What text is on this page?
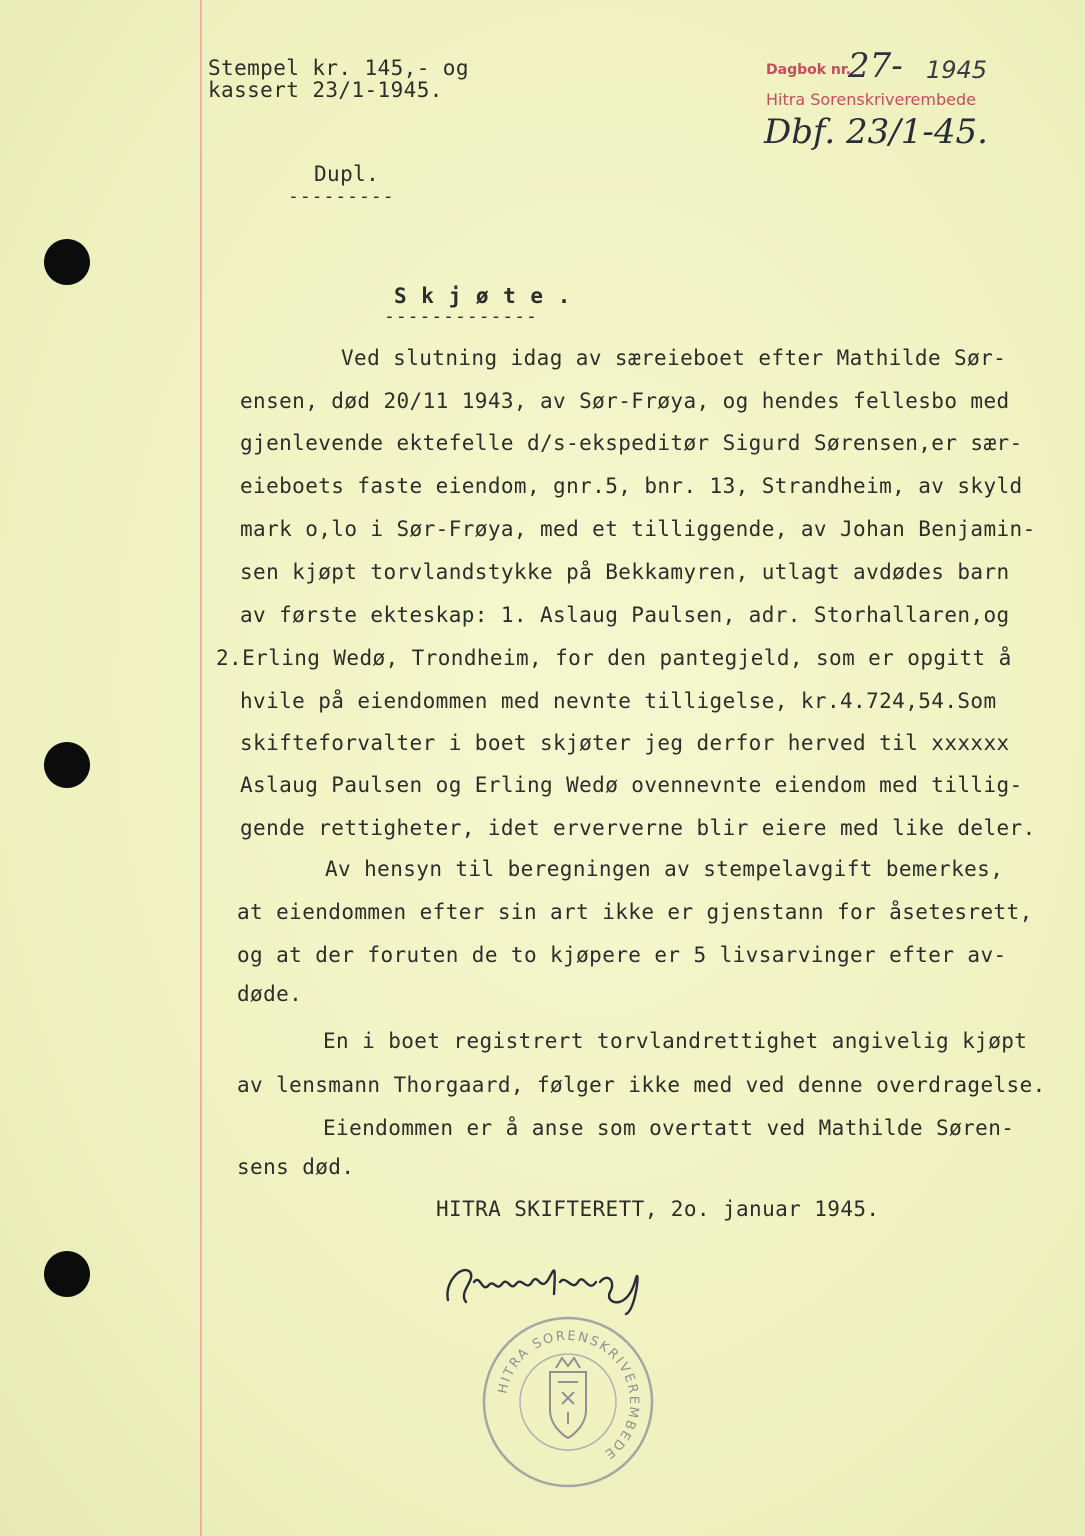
Stempel kr. 145,- og
kassert 23/1-1945.
Dagbok nr.
27- 1945
Hitra Sorenskriverembede
Dbf. 23/1-45.
Dupl.
---------
S k j ø t e .
-------------
Ved slutning idag av særeieboet efter Mathilde Sør-
ensen, død 20/11 1943, av Sør-Frøya, og hendes fellesbo med
gjenlevende ektefelle d/s-ekspeditør Sigurd Sørensen,er sær-
eieboets faste eiendom, gnr.5, bnr. 13, Strandheim, av skyld
mark o,lo i Sør-Frøya, med et tilliggende, av Johan Benjamin-
sen kjøpt torvlandstykke på Bekkamyren, utlagt avdødes barn
av første ekteskap: 1. Aslaug Paulsen, adr. Storhallaren,og
2.Erling Wedø, Trondheim, for den pantegjeld, som er opgitt å
hvile på eiendommen med nevnte tilligelse, kr.4.724,54.Som
skifteforvalter i boet skjøter jeg derfor herved til xxxxxx
Aslaug Paulsen og Erling Wedø ovennevnte eiendom med tillig-
gende rettigheter, idet erververne blir eiere med like deler.
Av hensyn til beregningen av stempelavgift bemerkes,
at eiendommen efter sin art ikke er gjenstann for åsetesrett,
og at der foruten de to kjøpere er 5 livsarvinger efter av-
døde.
En i boet registrert torvlandrettighet angivelig kjøpt
av lensmann Thorgaard, følger ikke med ved denne overdragelse.
Eiendommen er å anse som overtatt ved Mathilde Søren-
sens død.
HITRA SKIFTERETT, 2o. januar 1945.
HITRA SORENSKRIVEREMBEDE
